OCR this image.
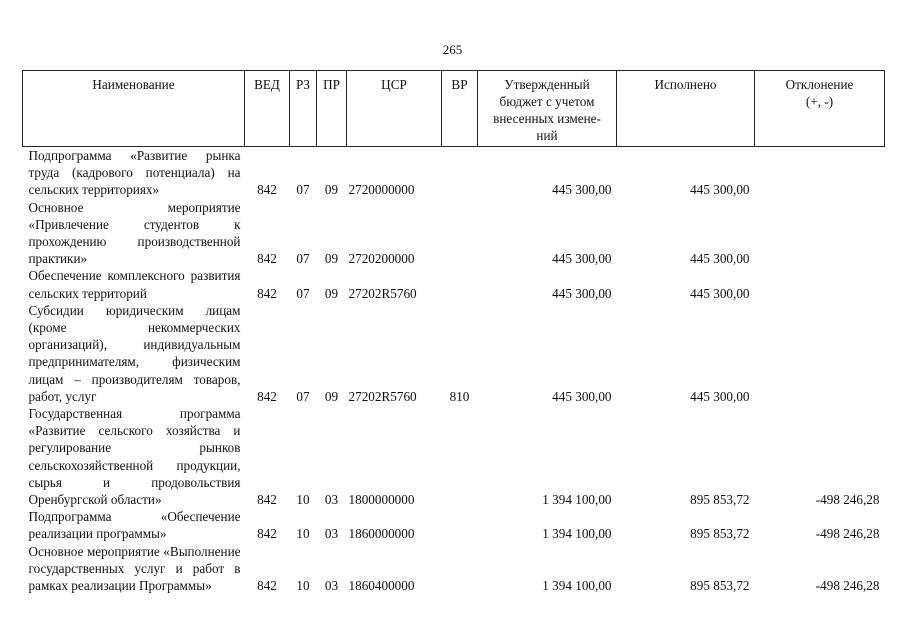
265
Наименование	ВЕД	РЗ	ПР	ЦСР	ВР	Утвержденный бюджет с учетом внесенных измене-ний	Исполнено	Отклонение (+, -)
Подпрограмма «Развитие рынка труда (кадрового потенциала) на сельских территориях»	842	07	09	2720000000		445 300,00	445 300,00	
Основное мероприятие «Привлечение студентов к прохождению производственной практики»	842	07	09	2720200000		445 300,00	445 300,00	
Обеспечение комплексного развития сельских территорий	842	07	09	27202R5760		445 300,00	445 300,00	
Субсидии юридическим лицам (кроме некоммерческих организаций), индивидуальным предпринимателям, физическим лицам – производителям товаров, работ, услуг	842	07	09	27202R5760	810	445 300,00	445 300,00	
Государственная программа «Развитие сельского хозяйства и регулирование рынков сельскохозяйственной продукции, сырья и продовольствия Оренбургской области»	842	10	03	1800000000		1 394 100,00	895 853,72	-498 246,28
Подпрограмма «Обеспечение реализации программы»	842	10	03	1860000000		1 394 100,00	895 853,72	-498 246,28
Основное мероприятие «Выполнение государственных услуг и работ в рамках реализации Программы»	842	10	03	1860400000		1 394 100,00	895 853,72	-498 246,28
